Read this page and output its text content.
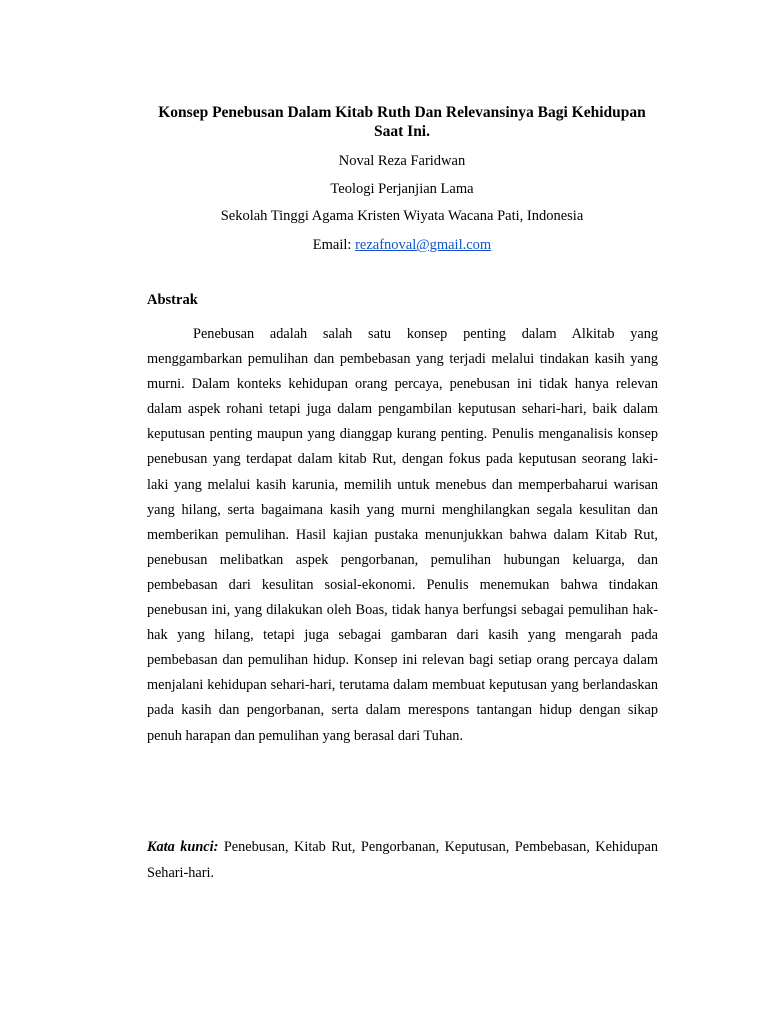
Konsep Penebusan Dalam Kitab Ruth Dan Relevansinya Bagi Kehidupan Saat Ini.
Noval Reza Faridwan
Teologi Perjanjian Lama
Sekolah Tinggi Agama Kristen Wiyata Wacana Pati, Indonesia
Email: rezafnoval@gmail.com
Abstrak

Penebusan adalah salah satu konsep penting dalam Alkitab yang menggambarkan pemulihan dan pembebasan yang terjadi melalui tindakan kasih yang murni. Dalam konteks kehidupan orang percaya, penebusan ini tidak hanya relevan dalam aspek rohani tetapi juga dalam pengambilan keputusan sehari-hari, baik dalam keputusan penting maupun yang dianggap kurang penting. Penulis menganalisis konsep penebusan yang terdapat dalam kitab Rut, dengan fokus pada keputusan seorang laki-laki yang melalui kasih karunia, memilih untuk menebus dan memperbaharui warisan yang hilang, serta bagaimana kasih yang murni menghilangkan segala kesulitan dan memberikan pemulihan. Hasil kajian pustaka menunjukkan bahwa dalam Kitab Rut, penebusan melibatkan aspek pengorbanan, pemulihan hubungan keluarga, dan pembebasan dari kesulitan sosial-ekonomi. Penulis menemukan bahwa tindakan penebusan ini, yang dilakukan oleh Boas, tidak hanya berfungsi sebagai pemulihan hak-hak yang hilang, tetapi juga sebagai gambaran dari kasih yang mengarah pada pembebasan dan pemulihan hidup. Konsep ini relevan bagi setiap orang percaya dalam menjalani kehidupan sehari-hari, terutama dalam membuat keputusan yang berlandaskan pada kasih dan pengorbanan, serta dalam merespons tantangan hidup dengan sikap penuh harapan dan pemulihan yang berasal dari Tuhan.

Kata kunci: Penebusan, Kitab Rut, Pengorbanan, Keputusan, Pembebasan, Kehidupan Sehari-hari.
